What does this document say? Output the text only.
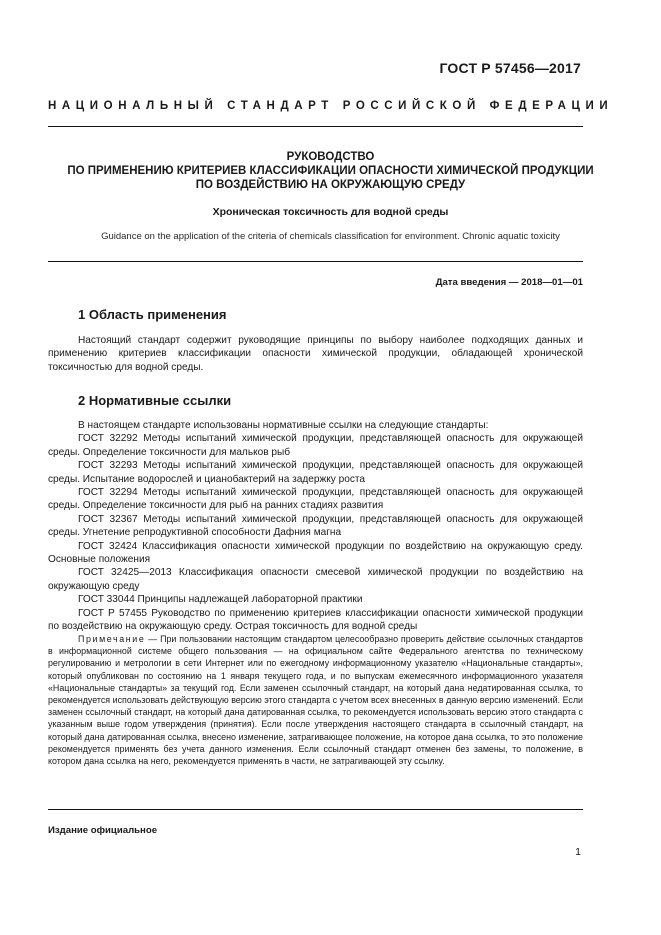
ГОСТ Р 57456—2017
НАЦИОНАЛЬНЫЙ СТАНДАРТ РОССИЙСКОЙ ФЕДЕРАЦИИ
РУКОВОДСТВО
ПО ПРИМЕНЕНИЮ КРИТЕРИЕВ КЛАССИФИКАЦИИ ОПАСНОСТИ ХИМИЧЕСКОЙ ПРОДУКЦИИ
ПО ВОЗДЕЙСТВИЮ НА ОКРУЖАЮЩУЮ СРЕДУ
Хроническая токсичность для водной среды
Guidance on the application of the criteria of chemicals classification for environment. Chronic aquatic toxicity
Дата введения — 2018—01—01
1 Область применения

Настоящий стандарт содержит руководящие принципы по выбору наиболее подходящих данных и применению критериев классификации опасности химической продукции, обладающей хронической токсичностью для водной среды.

2 Нормативные ссылки

В настоящем стандарте использованы нормативные ссылки на следующие стандарты:

ГОСТ 32292 Методы испытаний химической продукции, представляющей опасность для окружающей среды. Определение токсичности для мальков рыб

ГОСТ 32293 Методы испытаний химической продукции, представляющей опасность для окружающей среды. Испытание водорослей и цианобактерий на задержку роста

ГОСТ 32294 Методы испытаний химической продукции, представляющей опасность для окружающей среды. Определение токсичности для рыб на ранних стадиях развития

ГОСТ 32367 Методы испытаний химической продукции, представляющей опасность для окружающей среды. Угнетение репродуктивной способности Дафния магна

ГОСТ 32424 Классификация опасности химической продукции по воздействию на окружающую среду. Основные положения

ГОСТ 32425—2013 Классификация опасности смесевой химической продукции по воздействию на окружающую среду

ГОСТ 33044 Принципы надлежащей лабораторной практики

ГОСТ Р 57455 Руководство по применению критериев классификации опасности химической продукции по воздействию на окружающую среду. Острая токсичность для водной среды

Примечание — При пользовании настоящим стандартом целесообразно проверить действие ссылочных стандартов в информационной системе общего пользования — на официальном сайте Федерального агентства по техническому регулированию и метрологии в сети Интернет или по ежегодному информационному указателю «Национальные стандарты», который опубликован по состоянию на 1 января текущего года, и по выпускам ежемесячного информационного указателя «Национальные стандарты» за текущий год. Если заменен ссылочный стандарт, на который дана недатированная ссылка, то рекомендуется использовать действующую версию этого стандарта с учетом всех внесенных в данную версию изменений. Если заменен ссылочный стандарт, на который дана датированная ссылка, то рекомендуется использовать версию этого стандарта с указанным выше годом утверждения (принятия). Если после утверждения настоящего стандарта в ссылочный стандарт, на который дана датированная ссылка, внесено изменение, затрагивающее положение, на которое дана ссылка, то это положение рекомендуется применять без учета данного изменения. Если ссылочный стандарт отменен без замены, то положение, в котором дана ссылка на него, рекомендуется применять в части, не затрагивающей эту ссылку.

Издание официальное
1
